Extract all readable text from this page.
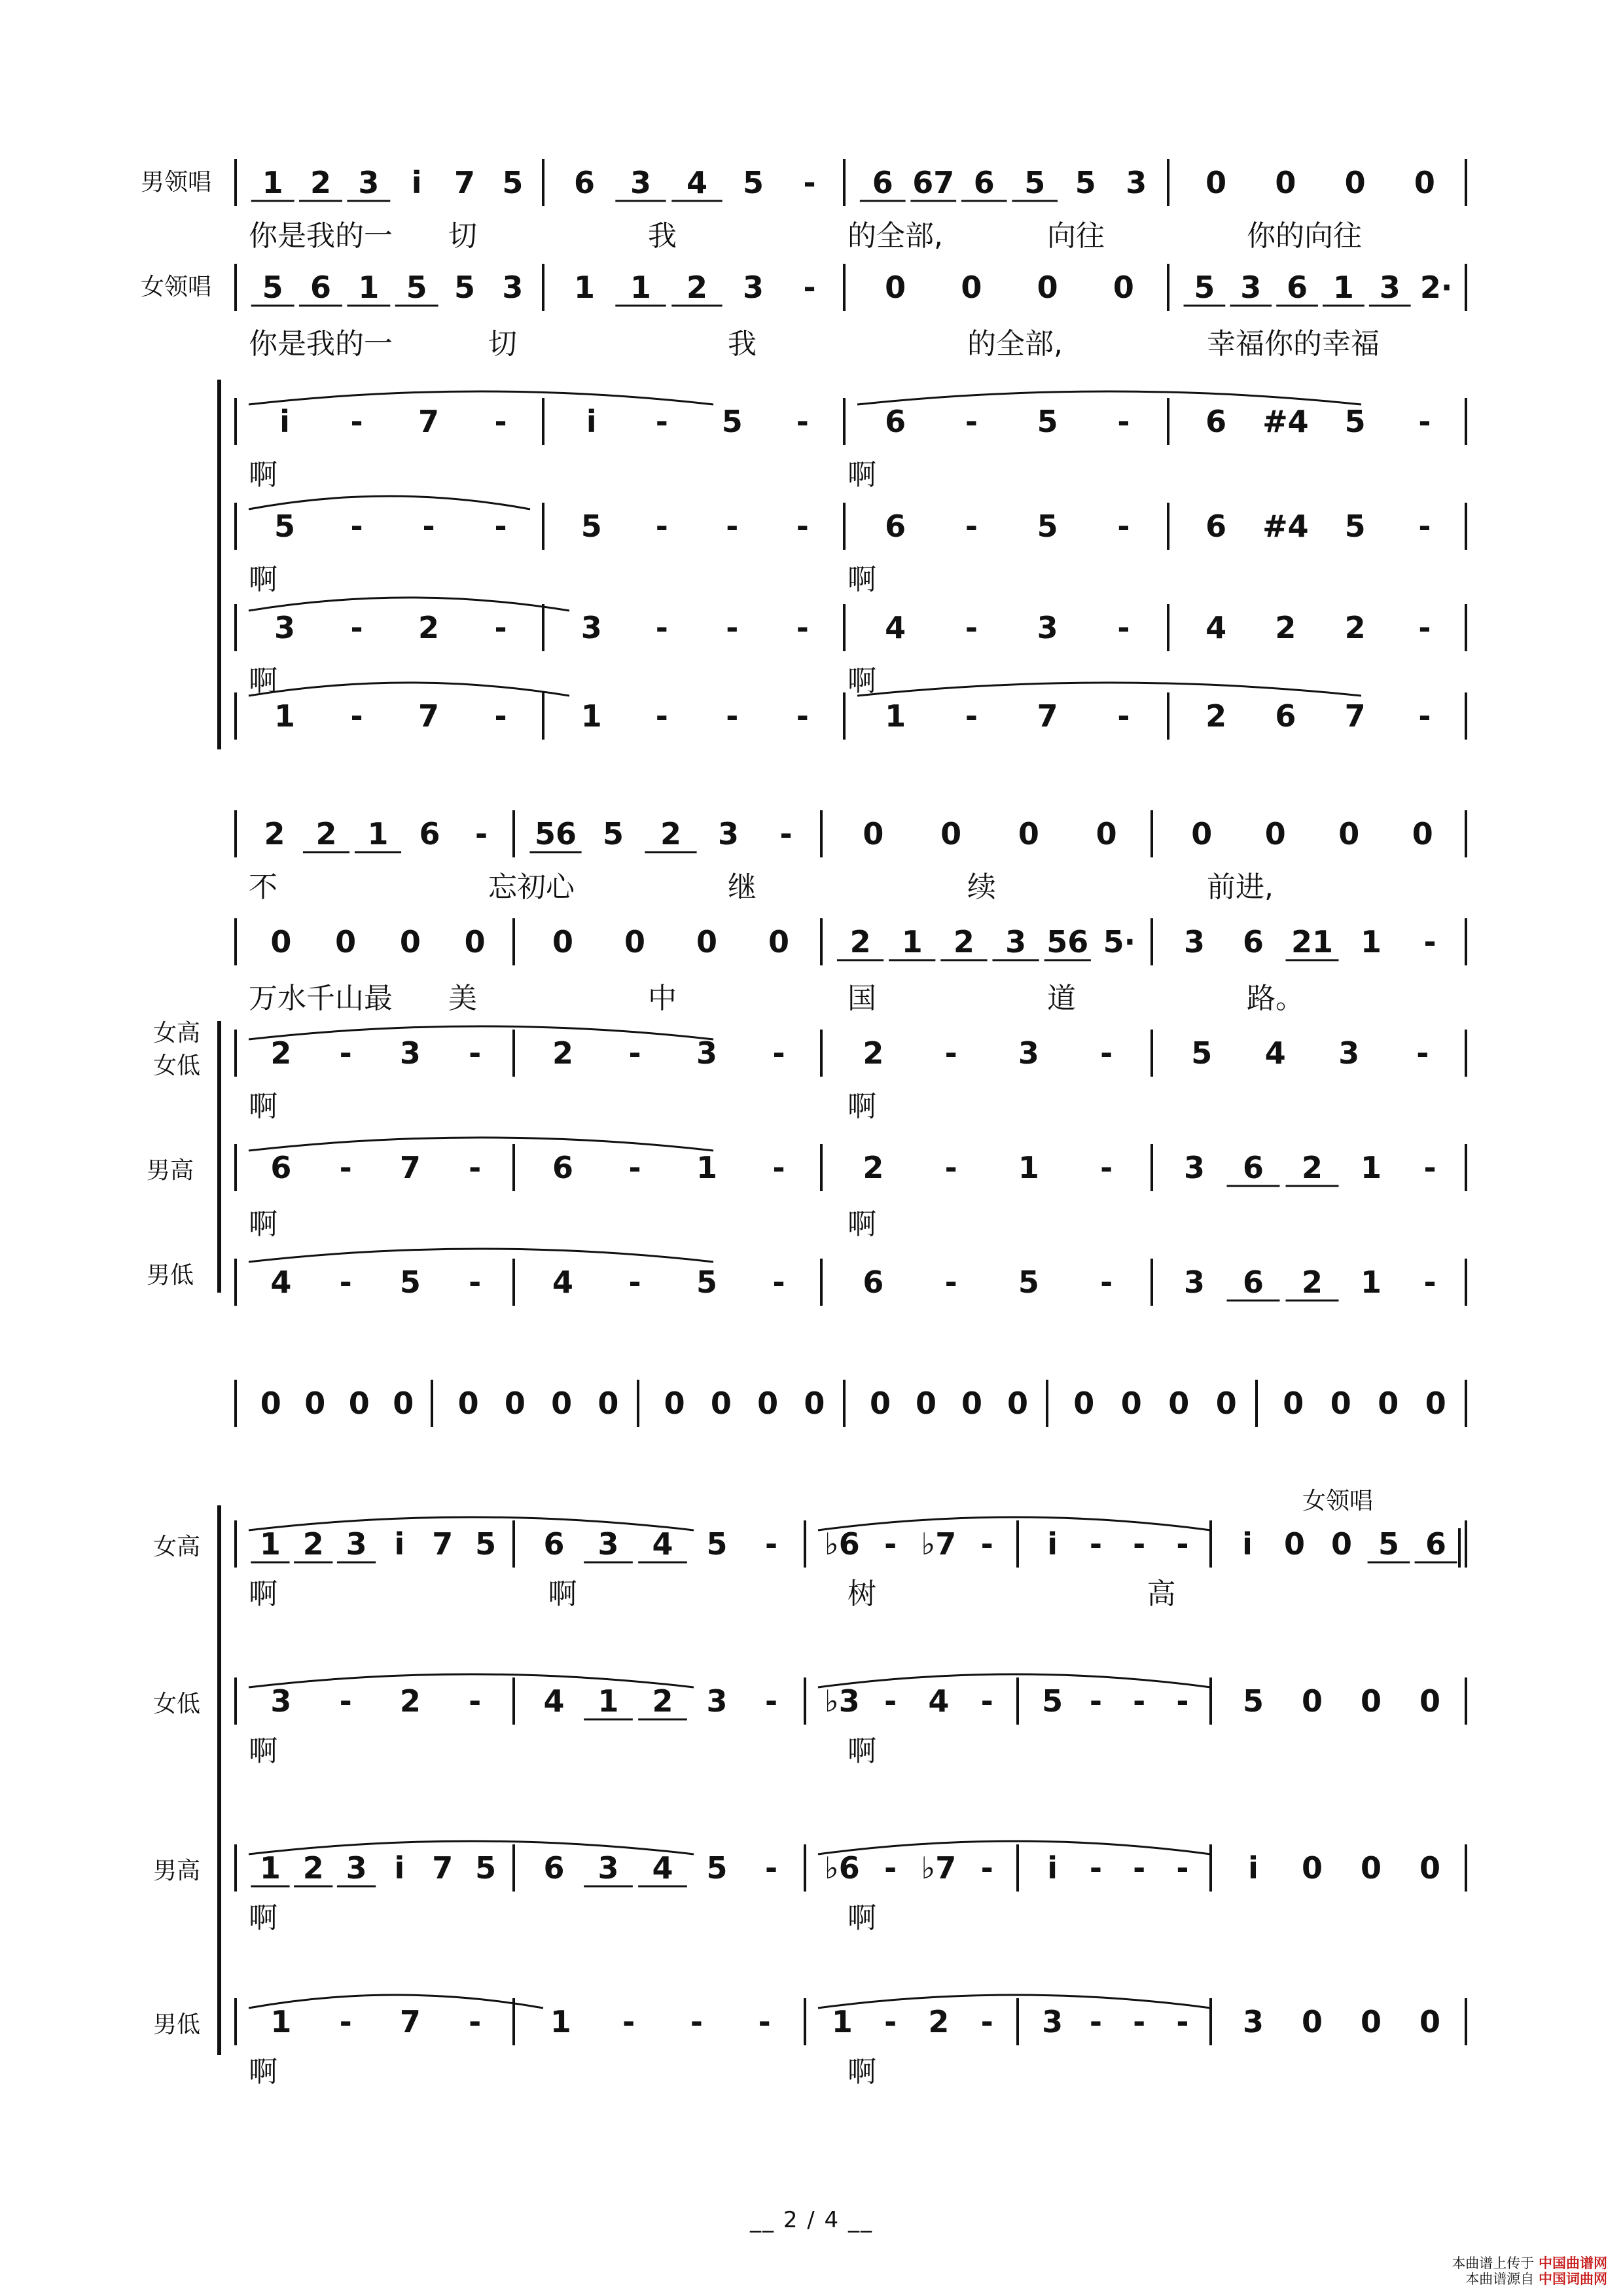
男领唱
女领唱
1 2 3 i 7 5 6 3 4 5 - 6 67 6 5 5 3 0 0 0 0
你是我的一 切	我	的全部,	向往	你的向往
5 6 1 5 5 3 1 1 2 3 - 0 0 0 0 5 3 6 1 3 2·
你是我的一	切	我	的全部,	幸福你的幸福
i - 7 -	i - 5 -	6 - 5 -	6 #4 5 -
啊	啊
5 - - - 5 - - -	6 - 5 -	6 #4 5 -
啊	啊
3 - 2 - 3 - - -	4 - 3 -	4 2 2 -
啊	啊
1 - 7 - 1 - - -	1 - 7 -	2 6 7 -
2 2 1 6 - 56 5 2 3 - 0 0 0 0 0 0 0 0
不	忘初心	继	续	前进,
0 0 0 0 0 0 0 0 2 1 2 3 56 5· 3 6 21 1 -
万水千山最 美	中	国	道	路。
女高
女低 2 - 3 - 2 - 3 -	2 - 3 -	5 4 3 -
啊	啊
男高	6 - 7 - 6 - 1 -	2 - 1 - 3 6 2 1 -
啊	啊
男低	4 - 5 - 4 - 5 -	6 - 5 - 3 6 2 1 -
0 0 0 0 0 0 0 0 0 0 0 0 0 0 0 0 0 0 0 0 0 0 0 0
女领唱
女高 1 2 3 i 7 5 6 3 4 5 - ♭6 - ♭7 - i - - - i 0 0 5 6
啊	啊	树	高
女低 3 - 2 - 4 1 2 3 - ♭3 - 4 - 5 - - - 5 0 0 0
啊	啊
男高 1 2 3 i 7 5 6 3 4 5 - ♭6 - ♭7 - i - - - i 0 0 0
啊	啊
男低 1 - 7 - 1 - - - 1 - 2 - 3 - - - 3 0 0 0
啊	啊
__ 2 / 4 __
本曲谱上传于 中国曲谱网
本曲谱源自 中国词曲网
